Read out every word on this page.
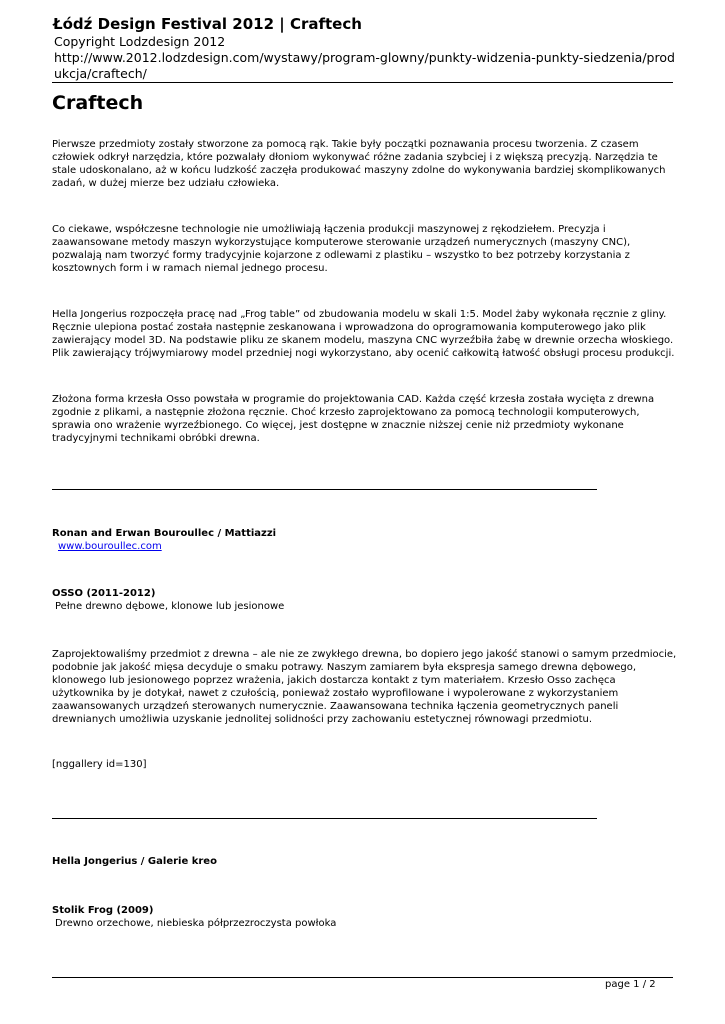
Łódź Design Festival 2012 | Craftech
Copyright Lodzdesign 2012
http://www.2012.lodzdesign.com/wystawy/program-glowny/punkty-widzenia-punkty-siedzenia/prod
ukcja/craftech/
Craftech

Pierwsze przedmioty zostały stworzone za pomocą rąk. Takie były początki poznawania procesu tworzenia. Z czasem człowiek odkrył narzędzia, które pozwalały dłoniom wykonywać różne zadania szybciej i z większą precyzją. Narzędzia te stale udoskonalano, aż w końcu ludzkość zaczęła produkować maszyny zdolne do wykonywania bardziej skomplikowanych zadań, w dużej mierze bez udziału człowieka.

Co ciekawe, współczesne technologie nie umożliwiają łączenia produkcji maszynowej z rękodziełem. Precyzja i zaawansowane metody maszyn wykorzystujące komputerowe sterowanie urządzeń numerycznych (maszyny CNC), pozwalają nam tworzyć formy tradycyjnie kojarzone z odlewami z plastiku – wszystko to bez potrzeby korzystania z kosztownych form i w ramach niemal jednego procesu.

Hella Jongerius rozpoczęła pracę nad „Frog table” od zbudowania modelu w skali 1:5. Model żaby wykonała ręcznie z gliny. Ręcznie ulepiona postać została następnie zeskanowana i wprowadzona do oprogramowania komputerowego jako plik zawierający model 3D. Na podstawie pliku ze skanem modelu, maszyna CNC wyrzeźbiła żabę w drewnie orzecha włoskiego. Plik zawierający trójwymiarowy model przedniej nogi wykorzystano, aby ocenić całkowitą łatwość obsługi procesu produkcji.

Złożona forma krzesła Osso powstała w programie do projektowania CAD. Każda część krzesła została wycięta z drewna zgodnie z plikami, a następnie złożona ręcznie. Choć krzesło zaprojektowano za pomocą technologii komputerowych, sprawia ono wrażenie wyrzeźbionego. Co więcej, jest dostępne w znacznie niższej cenie niż przedmioty wykonane tradycyjnymi technikami obróbki drewna.

Ronan and Erwan Bouroullec / Mattiazzi

www.bouroullec.com

OSSO (2011-2012)

Pełne drewno dębowe, klonowe lub jesionowe

Zaprojektowaliśmy przedmiot z drewna – ale nie ze zwykłego drewna, bo dopiero jego jakość stanowi o samym przedmiocie, podobnie jak jakość mięsa decyduje o smaku potrawy. Naszym zamiarem była ekspresja samego drewna dębowego, klonowego lub jesionowego poprzez wrażenia, jakich dostarcza kontakt z tym materiałem. Krzesło Osso zachęca użytkownika by je dotykał, nawet z czułością, ponieważ zostało wyprofilowane i wypolerowane z wykorzystaniem zaawansowanych urządzeń sterowanych numerycznie. Zaawansowana technika łączenia geometrycznych paneli drewnianych umożliwia uzyskanie jednolitej solidności przy zachowaniu estetycznej równowagi przedmiotu.

[nggallery id=130]

Hella Jongerius / Galerie kreo

Stolik Frog (2009)

Drewno orzechowe, niebieska półprzezroczysta powłoka

page 1 / 2
